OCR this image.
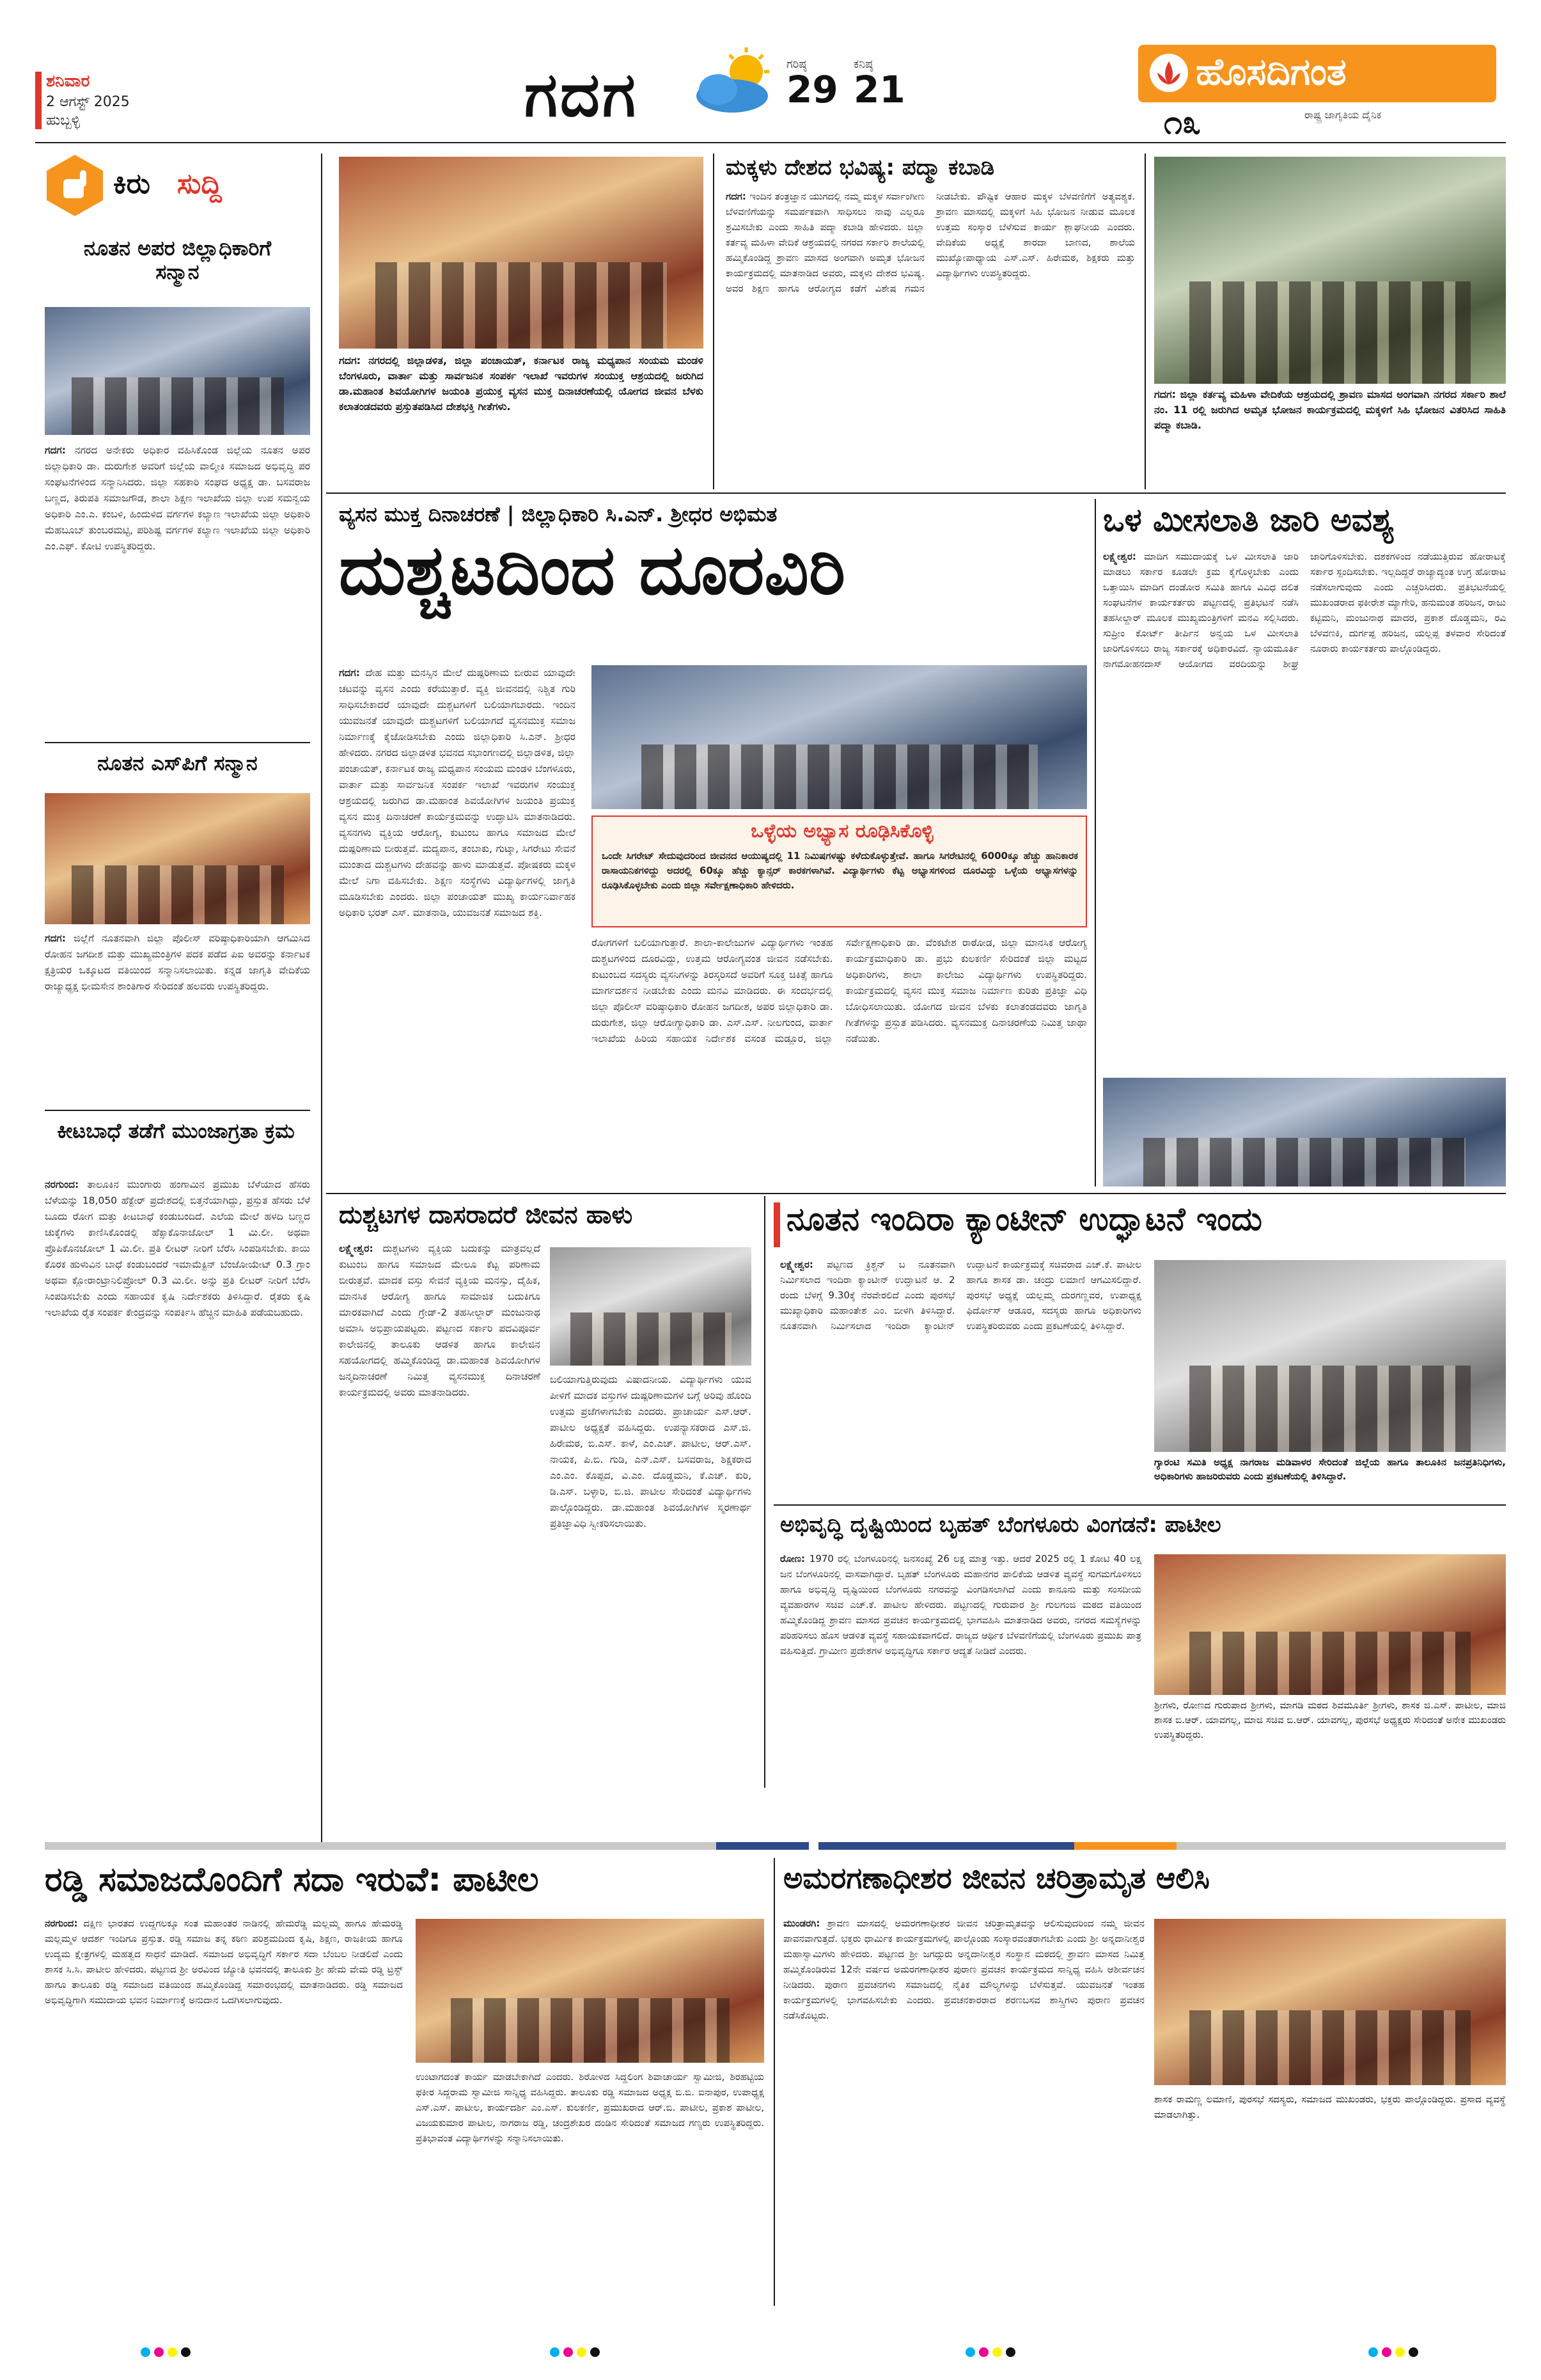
ಶನಿವಾರ
2 ಆಗಸ್ಟ್ 2025
ಹುಬ್ಬಳ್ಳಿ	ಗದಗ	ಗರಿಷ್ಠ
29
ಕನಿಷ್ಠ
21	ಹೊಸದಿಗಂತ
ರಾಷ್ಟ್ರ ಜಾಗೃತಿಯ ದೈನಿಕ
೧೩
ಕಿರು ಸುದ್ದಿ
ನೂತನ ಅಪರ ಜಿಲ್ಲಾಧಿಕಾರಿಗೆ ಸನ್ಮಾನ
ಗದಗ: ನಗರದ ಅನೇಕರು ಅಧಿಕಾರ ವಹಿಸಿಕೊಂಡ ಜಿಲ್ಲೆಯ ನೂತನ ಅಪರ ಜಿಲ್ಲಾಧಿಕಾರಿ ಡಾ. ದುರುಗೇಶ ಅವರಿಗೆ ಜಿಲ್ಲೆಯ ವಾಲ್ಮೀಕಿ ಸಮಾಜದ ಅಭಿವೃದ್ಧಿ ಪರ ಸಂಘಟನೆಗಳಿಂದ ಸನ್ಮಾನಿಸಿದರು. ಜಿಲ್ಲಾ ಸಹಕಾರಿ ಸಂಘದ ಅಧ್ಯಕ್ಷ ಡಾ. ಬಸವರಾಜ ಬಣ್ಣದ, ತಿರುಪತಿ ಸಮಾಜಗೌಡ, ಶಾಲಾ ಶಿಕ್ಷಣ ಇಲಾಖೆಯ ಜಿಲ್ಲಾ ಉಪ ಸಮನ್ವಯ ಅಧಿಕಾರಿ ಎಂ.ಎ. ಕಂಬಳಿ, ಹಿಂದುಳಿದ ವರ್ಗಗಳ ಕಲ್ಯಾಣ ಇಲಾಖೆಯ ಜಿಲ್ಲಾ ಅಧಿಕಾರಿ ಮೆಹಬೂಬ್ ತುಂಬರಮಟ್ಟಿ, ಪರಿಶಿಷ್ಟ ವರ್ಗಗಳ ಕಲ್ಯಾಣ ಇಲಾಖೆಯ ಜಿಲ್ಲಾ ಅಧಿಕಾರಿ ಎಂ.ಎಫ್. ಕೋಟಿ ಉಪಸ್ಥಿತರಿದ್ದರು.
ನೂತನ ಎಸ್‌ಪಿಗೆ ಸನ್ಮಾನ
ಗದಗ: ಜಿಲ್ಲೆಗೆ ನೂತನವಾಗಿ ಜಿಲ್ಲಾ ಪೊಲೀಸ್ ವರಿಷ್ಠಾಧಿಕಾರಿಯಾಗಿ ಆಗಮಿಸಿದ ರೋಹನ ಜಗದೀಶ ಮತ್ತು ಮುಖ್ಯಮಂತ್ರಿಗಳ ಪದಕ ಪಡೆದ ಪಿಐ ಅವರನ್ನು ಕರ್ನಾಟಕ ಕ್ಷತ್ರಿಯರ ಒಕ್ಕೂಟದ ವತಿಯಿಂದ ಸನ್ಮಾನಿಸಲಾಯಿತು. ಕನ್ನಡ ಜಾಗೃತಿ ವೇದಿಕೆಯ ರಾಜ್ಯಾಧ್ಯಕ್ಷ ಭೀಮಸೇನ ಶಾಂತಿಗಾರ ಸೇರಿದಂತೆ ಹಲವರು ಉಪಸ್ಥಿತರಿದ್ದರು.
ಕೀಟಬಾಧೆ ತಡೆಗೆ ಮುಂಜಾಗ್ರತಾ ಕ್ರಮ
ನರಗುಂದ: ತಾಲೂಕಿನ ಮುಂಗಾರು ಹಂಗಾಮಿನ ಪ್ರಮುಖ ಬೆಳೆಯಾದ ಹೆಸರು ಬೆಳೆಯನ್ನು 18,050 ಹೆಕ್ಟೇರ್ ಪ್ರದೇಶದಲ್ಲಿ ಬಿತ್ತನೆಯಾಗಿದ್ದು, ಪ್ರಸ್ತುತ ಹೆಸರು ಬೆಳೆ ಬೂದು ರೋಗ ಮತ್ತು ಕೀಟಬಾಧೆ ಕಂಡುಬಂದಿದೆ. ಎಲೆಯ ಮೇಲೆ ಹಳದಿ ಬಣ್ಣದ ಚುಕ್ಕೆಗಳು ಕಾಣಿಸಿಕೊಂಡಲ್ಲಿ ಹೆಕ್ಸಾಕೊನಾಜೋಲ್ 1 ಮಿ.ಲೀ. ಅಥವಾ ಪ್ರೊಪಿಕೊನಜೋಲ್ 1 ಮಿ.ಲೀ. ಪ್ರತಿ ಲೀಟರ್ ನೀರಿಗೆ ಬೆರೆಸಿ ಸಿಂಪಡಿಸಬೇಕು. ಕಾಯಿ ಕೊರಕ ಹುಳುವಿನ ಬಾಧೆ ಕಂಡುಬಂದರೆ ಇಮಾಮೆಕ್ಟಿನ್ ಬೆಂಜೋಯೇಟ್ 0.3 ಗ್ರಾಂ ಅಥವಾ ಕ್ಲೋರಾಂಟ್ರಾನಿಲಿಪ್ರೋಲ್ 0.3 ಮಿ.ಲೀ. ಅನ್ನು ಪ್ರತಿ ಲೀಟರ್ ನೀರಿಗೆ ಬೆರೆಸಿ ಸಿಂಪಡಿಸಬೇಕು ಎಂದು ಸಹಾಯಕ ಕೃಷಿ ನಿರ್ದೇಶಕರು ತಿಳಿಸಿದ್ದಾರೆ. ರೈತರು ಕೃಷಿ ಇಲಾಖೆಯ ರೈತ ಸಂಪರ್ಕ ಕೇಂದ್ರವನ್ನು ಸಂಪರ್ಕಿಸಿ ಹೆಚ್ಚಿನ ಮಾಹಿತಿ ಪಡೆಯಬಹುದು.
ಗದಗ: ನಗರದಲ್ಲಿ ಜಿಲ್ಲಾಡಳಿತ, ಜಿಲ್ಲಾ ಪಂಚಾಯತ್, ಕರ್ನಾಟಕ ರಾಜ್ಯ ಮಧ್ಯಪಾನ ಸಂಯಮ ಮಂಡಳಿ ಬೆಂಗಳೂರು, ವಾರ್ತಾ ಮತ್ತು ಸಾರ್ವಜನಿಕ ಸಂಪರ್ಕ ಇಲಾಖೆ ಇವರುಗಳ ಸಂಯುಕ್ತ ಆಶ್ರಯದಲ್ಲಿ ಜರುಗಿದ ಡಾ.ಮಹಾಂತ ಶಿವಯೋಗಿಗಳ ಜಯಂತಿ ಪ್ರಯುಕ್ತ ವ್ಯಸನ ಮುಕ್ತ ದಿನಾಚರಣೆಯಲ್ಲಿ ಯೋಗದ ಜೀವನ ಬೆಳಕು ಕಲಾತಂಡದವರು ಪ್ರಸ್ತುತಪಡಿಸಿದ ದೇಶಭಕ್ತಿ ಗೀತೆಗಳು.
ಮಕ್ಕಳು ದೇಶದ ಭವಿಷ್ಯ: ಪದ್ಮಾ ಕಬಾಡಿ
ಗದಗ: ಇಂದಿನ ತಂತ್ರಜ್ಞಾನ ಯುಗದಲ್ಲಿ ನಮ್ಮ ಮಕ್ಕಳ ಸರ್ವಾಂಗೀಣ ಬೆಳವಣಿಗೆಯನ್ನು ಸಮರ್ಪಕವಾಗಿ ಸಾಧಿಸಲು ನಾವು ಎಲ್ಲರೂ ಶ್ರಮಿಸಬೇಕು ಎಂದು ಸಾಹಿತಿ ಪದ್ಮಾ ಕಬಾಡಿ ಹೇಳಿದರು. ಜಿಲ್ಲಾ ಕರ್ತವ್ಯ ಮಹಿಳಾ ವೇದಿಕೆ ಆಶ್ರಯದಲ್ಲಿ ನಗರದ ಸರ್ಕಾರಿ ಶಾಲೆಯಲ್ಲಿ ಹಮ್ಮಿಕೊಂಡಿದ್ದ ಶ್ರಾವಣ ಮಾಸದ ಅಂಗವಾಗಿ ಅಮೃತ ಭೋಜನ ಕಾರ್ಯಕ್ರಮದಲ್ಲಿ ಮಾತನಾಡಿದ ಅವರು, ಮಕ್ಕಳು ದೇಶದ ಭವಿಷ್ಯ. ಅವರ ಶಿಕ್ಷಣ ಹಾಗೂ ಆರೋಗ್ಯದ ಕಡೆಗೆ ವಿಶೇಷ ಗಮನ ನೀಡಬೇಕು. ಪೌಷ್ಟಿಕ ಆಹಾರ ಮಕ್ಕಳ ಬೆಳವಣಿಗೆಗೆ ಅತ್ಯವಶ್ಯಕ. ಶ್ರಾವಣ ಮಾಸದಲ್ಲಿ ಮಕ್ಕಳಿಗೆ ಸಿಹಿ ಭೋಜನ ನೀಡುವ ಮೂಲಕ ಉತ್ತಮ ಸಂಸ್ಕಾರ ಬೆಳೆಸುವ ಕಾರ್ಯ ಶ್ಲಾಘನೀಯ ಎಂದರು. ವೇದಿಕೆಯ ಅಧ್ಯಕ್ಷೆ ಶಾರದಾ ಬಾಣದ, ಶಾಲೆಯ ಮುಖ್ಯೋಪಾಧ್ಯಾಯ ಎಸ್.ಎಸ್. ಹಿರೇಮಠ, ಶಿಕ್ಷಕರು ಮತ್ತು ವಿದ್ಯಾರ್ಥಿಗಳು ಉಪಸ್ಥಿತರಿದ್ದರು.
ಗದಗ: ಜಿಲ್ಲಾ ಕರ್ತವ್ಯ ಮಹಿಳಾ ವೇದಿಕೆಯ ಆಶ್ರಯದಲ್ಲಿ ಶ್ರಾವಣ ಮಾಸದ ಅಂಗವಾಗಿ ನಗರದ ಸರ್ಕಾರಿ ಶಾಲೆ ನಂ. 11 ರಲ್ಲಿ ಜರುಗಿದ ಅಮೃತ ಭೋಜನ ಕಾರ್ಯಕ್ರಮದಲ್ಲಿ ಮಕ್ಕಳಿಗೆ ಸಿಹಿ ಭೋಜನ ವಿತರಿಸಿದ ಸಾಹಿತಿ ಪದ್ಮಾ ಕಬಾಡಿ.
ವ್ಯಸನ ಮುಕ್ತ ದಿನಾಚರಣೆ | ಜಿಲ್ಲಾಧಿಕಾರಿ ಸಿ.ಎನ್. ಶ್ರೀಧರ ಅಭಿಮತ
ದುಶ್ಚಟದಿಂದ ದೂರವಿರಿ
ಗದಗ: ದೇಹ ಮತ್ತು ಮನಸ್ಸಿನ ಮೇಲೆ ದುಷ್ಪರಿಣಾಮ ಬೀರುವ ಯಾವುದೇ ಚಟವನ್ನು ವ್ಯಸನ ಎಂದು ಕರೆಯುತ್ತಾರೆ. ವ್ಯಕ್ತಿ ಜೀವನದಲ್ಲಿ ನಿಶ್ಚಿತ ಗುರಿ ಸಾಧಿಸಬೇಕಾದರೆ ಯಾವುದೇ ದುಶ್ಚಟಗಳಿಗೆ ಬಲಿಯಾಗಬಾರದು. ಇಂದಿನ ಯುವಜನತೆ ಯಾವುದೇ ದುಶ್ಚಟಗಳಿಗೆ ಬಲಿಯಾಗದೆ ವ್ಯಸನಮುಕ್ತ ಸಮಾಜ ನಿರ್ಮಾಣಕ್ಕೆ ಕೈಜೋಡಿಸಬೇಕು ಎಂದು ಜಿಲ್ಲಾಧಿಕಾರಿ ಸಿ.ಎನ್. ಶ್ರೀಧರ ಹೇಳಿದರು. ನಗರದ ಜಿಲ್ಲಾಡಳಿತ ಭವನದ ಸಭಾಂಗಣದಲ್ಲಿ ಜಿಲ್ಲಾಡಳಿತ, ಜಿಲ್ಲಾ ಪಂಚಾಯತ್, ಕರ್ನಾಟಕ ರಾಜ್ಯ ಮಧ್ಯಪಾನ ಸಂಯಮ ಮಂಡಳಿ ಬೆಂಗಳೂರು, ವಾರ್ತಾ ಮತ್ತು ಸಾರ್ವಜನಿಕ ಸಂಪರ್ಕ ಇಲಾಖೆ ಇವರುಗಳ ಸಂಯುಕ್ತ ಆಶ್ರಯದಲ್ಲಿ ಜರುಗಿದ ಡಾ.ಮಹಾಂತ ಶಿವಯೋಗಿಗಳ ಜಯಂತಿ ಪ್ರಯುಕ್ತ ವ್ಯಸನ ಮುಕ್ತ ದಿನಾಚರಣೆ ಕಾರ್ಯಕ್ರಮವನ್ನು ಉದ್ಘಾಟಿಸಿ ಮಾತನಾಡಿದರು. ವ್ಯಸನಗಳು ವ್ಯಕ್ತಿಯ ಆರೋಗ್ಯ, ಕುಟುಂಬ ಹಾಗೂ ಸಮಾಜದ ಮೇಲೆ ದುಷ್ಪರಿಣಾಮ ಬೀರುತ್ತವೆ. ಮದ್ಯಪಾನ, ತಂಬಾಕು, ಗುಟ್ಕಾ, ಸಿಗರೇಟು ಸೇವನೆ ಮುಂತಾದ ದುಶ್ಚಟಗಳು ದೇಹವನ್ನು ಹಾಳು ಮಾಡುತ್ತವೆ. ಪೋಷಕರು ಮಕ್ಕಳ ಮೇಲೆ ನಿಗಾ ವಹಿಸಬೇಕು. ಶಿಕ್ಷಣ ಸಂಸ್ಥೆಗಳು ವಿದ್ಯಾರ್ಥಿಗಳಲ್ಲಿ ಜಾಗೃತಿ ಮೂಡಿಸಬೇಕು ಎಂದರು. ಜಿಲ್ಲಾ ಪಂಚಾಯತ್ ಮುಖ್ಯ ಕಾರ್ಯನಿರ್ವಾಹಕ ಅಧಿಕಾರಿ ಭರತ್ ಎಸ್. ಮಾತನಾಡಿ, ಯುವಜನತೆ ಸಮಾಜದ ಶಕ್ತಿ.
ಒಳ್ಳೆಯ ಅಭ್ಯಾಸ ರೂಢಿಸಿಕೊಳ್ಳಿ
ಒಂದೇ ಸಿಗರೇಟ್ ಸೇದುವುದರಿಂದ ಜೀವನದ ಆಯುಷ್ಯದಲ್ಲಿ 11 ನಿಮಿಷಗಳಷ್ಟು ಕಳೆದುಕೊಳ್ಳುತ್ತೇವೆ. ಹಾಗೂ ಸಿಗರೇಟಿನಲ್ಲಿ 6000ಕ್ಕೂ ಹೆಚ್ಚು ಹಾನಿಕಾರಕ ರಾಸಾಯನಿಕಗಳಿದ್ದು ಅದರಲ್ಲಿ 60ಕ್ಕೂ ಹೆಚ್ಚು ಕ್ಯಾನ್ಸರ್ ಕಾರಕಗಳಾಗಿವೆ. ವಿದ್ಯಾರ್ಥಿಗಳು ಕೆಟ್ಟ ಅಭ್ಯಾಸಗಳಿಂದ ದೂರವಿದ್ದು ಒಳ್ಳೆಯ ಅಭ್ಯಾಸಗಳನ್ನು ರೂಢಿಸಿಕೊಳ್ಳಬೇಕು ಎಂದು ಜಿಲ್ಲಾ ಸರ್ವೇಕ್ಷಣಾಧಿಕಾರಿ ಹೇಳಿದರು.
ರೋಗಗಳಿಗೆ ಬಲಿಯಾಗುತ್ತಾರೆ. ಶಾಲಾ-ಕಾಲೇಜುಗಳ ವಿದ್ಯಾರ್ಥಿಗಳು ಇಂತಹ ದುಶ್ಚಟಗಳಿಂದ ದೂರವಿದ್ದು, ಉತ್ತಮ ಆರೋಗ್ಯವಂತ ಜೀವನ ನಡೆಸಬೇಕು. ಕುಟುಂಬದ ಸದಸ್ಯರು ವ್ಯಸನಿಗಳನ್ನು ತಿರಸ್ಕರಿಸದೆ ಅವರಿಗೆ ಸೂಕ್ತ ಚಿಕಿತ್ಸೆ ಹಾಗೂ ಮಾರ್ಗದರ್ಶನ ನೀಡಬೇಕು ಎಂದು ಮನವಿ ಮಾಡಿದರು. ಈ ಸಂದರ್ಭದಲ್ಲಿ ಜಿಲ್ಲಾ ಪೊಲೀಸ್ ವರಿಷ್ಠಾಧಿಕಾರಿ ರೋಹನ ಜಗದೀಶ, ಅಪರ ಜಿಲ್ಲಾಧಿಕಾರಿ ಡಾ. ದುರುಗೇಶ, ಜಿಲ್ಲಾ ಆರೋಗ್ಯಾಧಿಕಾರಿ ಡಾ. ಎಸ್.ಎಸ್. ನೀಲಗುಂದ, ವಾರ್ತಾ ಇಲಾಖೆಯ ಹಿರಿಯ ಸಹಾಯಕ ನಿರ್ದೇಶಕ ವಸಂತ ಮಡ್ಲೂರ, ಜಿಲ್ಲಾ ಸರ್ವೇಕ್ಷಣಾಧಿಕಾರಿ ಡಾ. ವೆಂಕಟೇಶ ರಾಠೋಡ, ಜಿಲ್ಲಾ ಮಾನಸಿಕ ಆರೋಗ್ಯ ಕಾರ್ಯಕ್ರಮಾಧಿಕಾರಿ ಡಾ. ಪ್ರಭು ಕುಲಕರ್ಣಿ ಸೇರಿದಂತೆ ಜಿಲ್ಲಾ ಮಟ್ಟದ ಅಧಿಕಾರಿಗಳು, ಶಾಲಾ ಕಾಲೇಜು ವಿದ್ಯಾರ್ಥಿಗಳು ಉಪಸ್ಥಿತರಿದ್ದರು. ಕಾರ್ಯಕ್ರಮದಲ್ಲಿ ವ್ಯಸನ ಮುಕ್ತ ಸಮಾಜ ನಿರ್ಮಾಣ ಕುರಿತು ಪ್ರತಿಜ್ಞಾ ವಿಧಿ ಬೋಧಿಸಲಾಯಿತು. ಯೋಗದ ಜೀವನ ಬೆಳಕು ಕಲಾತಂಡದವರು ಜಾಗೃತಿ ಗೀತೆಗಳನ್ನು ಪ್ರಸ್ತುತ ಪಡಿಸಿದರು. ವ್ಯಸನಮುಕ್ತ ದಿನಾಚರಣೆಯ ನಿಮಿತ್ತ ಜಾಥಾ ನಡೆಯಿತು.
ಒಳ ಮೀಸಲಾತಿ ಜಾರಿ ಅವಶ್ಯ
ಲಕ್ಷ್ಮೇಶ್ವರ: ಮಾದಿಗ ಸಮುದಾಯಕ್ಕೆ ಒಳ ಮೀಸಲಾತಿ ಜಾರಿ ಮಾಡಲು ಸರ್ಕಾರ ಕೂಡಲೇ ಕ್ರಮ ಕೈಗೊಳ್ಳಬೇಕು ಎಂದು ಒತ್ತಾಯಿಸಿ ಮಾದಿಗ ದಂಡೋರ ಸಮಿತಿ ಹಾಗೂ ವಿವಿಧ ದಲಿತ ಸಂಘಟನೆಗಳ ಕಾರ್ಯಕರ್ತರು ಪಟ್ಟಣದಲ್ಲಿ ಪ್ರತಿಭಟನೆ ನಡೆಸಿ ತಹಸೀಲ್ದಾರ್ ಮೂಲಕ ಮುಖ್ಯಮಂತ್ರಿಗಳಿಗೆ ಮನವಿ ಸಲ್ಲಿಸಿದರು. ಸುಪ್ರೀಂ ಕೋರ್ಟ್ ತೀರ್ಪಿನ ಅನ್ವಯ ಒಳ ಮೀಸಲಾತಿ ಜಾರಿಗೊಳಿಸಲು ರಾಜ್ಯ ಸರ್ಕಾರಕ್ಕೆ ಅಧಿಕಾರವಿದೆ. ನ್ಯಾಯಮೂರ್ತಿ ನಾಗಮೋಹನದಾಸ್ ಆಯೋಗದ ವರದಿಯನ್ನು ಶೀಘ್ರ ಜಾರಿಗೊಳಿಸಬೇಕು. ದಶಕಗಳಿಂದ ನಡೆಯುತ್ತಿರುವ ಹೋರಾಟಕ್ಕೆ ಸರ್ಕಾರ ಸ್ಪಂದಿಸಬೇಕು. ಇಲ್ಲದಿದ್ದರೆ ರಾಜ್ಯಾದ್ಯಂತ ಉಗ್ರ ಹೋರಾಟ ನಡೆಸಲಾಗುವುದು ಎಂದು ಎಚ್ಚರಿಸಿದರು. ಪ್ರತಿಭಟನೆಯಲ್ಲಿ ಮುಖಂಡರಾದ ಫಕೀರೇಶ ಮ್ಯಾಗೇರಿ, ಹನುಮಂತ ಹರಿಜನ, ರಾಜು ಕಟ್ಟಿಮನಿ, ಮಂಜುನಾಥ ಮಾದರ, ಪ್ರಕಾಶ ದೊಡ್ಡಮನಿ, ರವಿ ಬೆಳವಣಕಿ, ದುರ್ಗಪ್ಪ ಹರಿಜನ, ಯಲ್ಲಪ್ಪ ತಳವಾರ ಸೇರಿದಂತೆ ನೂರಾರು ಕಾರ್ಯಕರ್ತರು ಪಾಲ್ಗೊಂಡಿದ್ದರು.
ದುಶ್ಚಟಗಳ ದಾಸರಾದರೆ ಜೀವನ ಹಾಳು
ಲಕ್ಷ್ಮೇಶ್ವರ: ದುಶ್ಚಟಗಳು ವ್ಯಕ್ತಿಯ ಬದುಕನ್ನು ಮಾತ್ರವಲ್ಲದೆ ಕುಟುಂಬ ಹಾಗೂ ಸಮಾಜದ ಮೇಲೂ ಕೆಟ್ಟ ಪರಿಣಾಮ ಬೀರುತ್ತವೆ. ಮಾದಕ ವಸ್ತು ಸೇವನೆ ವ್ಯಕ್ತಿಯ ಮನಸ್ಸು, ದೈಹಿಕ, ಮಾನಸಿಕ ಆರೋಗ್ಯ ಹಾಗೂ ಸಾಮಾಜಿಕ ಬದುಕಿಗೂ ಮಾರಕವಾಗಿದೆ ಎಂದು ಗ್ರೇಡ್-2 ತಹಸೀಲ್ದಾರ್ ಮಂಜುನಾಥ ಅಮಾಸಿ ಅಭಿಪ್ರಾಯಪಟ್ಟರು. ಪಟ್ಟಣದ ಸರ್ಕಾರಿ ಪದವಿಪೂರ್ವ ಕಾಲೇಜಿನಲ್ಲಿ ತಾಲೂಕು ಆಡಳಿತ ಹಾಗೂ ಕಾಲೇಜಿನ ಸಹಯೋಗದಲ್ಲಿ ಹಮ್ಮಿಕೊಂಡಿದ್ದ ಡಾ.ಮಹಾಂತ ಶಿವಯೋಗಿಗಳ ಜನ್ಮದಿನಾಚರಣೆ ನಿಮಿತ್ತ ವ್ಯಸನಮುಕ್ತ ದಿನಾಚರಣೆ ಕಾರ್ಯಕ್ರಮದಲ್ಲಿ ಅವರು ಮಾತನಾಡಿದರು.
ಬಲಿಯಾಗುತ್ತಿರುವುದು ವಿಷಾದನೀಯ. ವಿದ್ಯಾರ್ಥಿಗಳು ಯುವ ಪೀಳಿಗೆ ಮಾದಕ ವಸ್ತುಗಳ ದುಷ್ಪರಿಣಾಮಗಳ ಬಗ್ಗೆ ಅರಿವು ಹೊಂದಿ ಉತ್ತಮ ಪ್ರಜೆಗಳಾಗಬೇಕು ಎಂದರು. ಪ್ರಾಚಾರ್ಯ ಎಸ್.ಆರ್. ಪಾಟೀಲ ಅಧ್ಯಕ್ಷತೆ ವಹಿಸಿದ್ದರು. ಉಪನ್ಯಾಸಕರಾದ ಎಸ್.ಜಿ. ಹಿರೇಮಠ, ಬಿ.ಎಸ್. ಕಾಳೆ, ಎಂ.ಎಚ್. ಪಾಟೀಲ, ಆರ್.ಎಸ್. ನಾಯಕ, ಪಿ.ಬಿ. ಗುಡಿ, ಎನ್.ಎಸ್. ಬಸವರಾಜ, ಶಿಕ್ಷಕರಾದ ಎಂ.ಎಂ. ಕೊಪ್ಪದ, ವಿ.ಎಂ. ದೊಡ್ಡಮನಿ, ಕೆ.ಎಚ್. ಕುರಿ, ಡಿ.ಎಸ್. ಬಳ್ಳಾರಿ, ಬಿ.ಜಿ. ಪಾಟೀಲ ಸೇರಿದಂತೆ ವಿದ್ಯಾರ್ಥಿಗಳು ಪಾಲ್ಗೊಂಡಿದ್ದರು. ಡಾ.ಮಹಾಂತ ಶಿವಯೋಗಿಗಳ ಸ್ಮರಣಾರ್ಥ ಪ್ರತಿಜ್ಞಾವಿಧಿ ಸ್ವೀಕರಿಸಲಾಯಿತು.
ನೂತನ ಇಂದಿರಾ ಕ್ಯಾಂಟೀನ್ ಉದ್ಘಾಟನೆ ಇಂದು
ಲಕ್ಷ್ಮೇಶ್ವರ: ಪಟ್ಟಣದ ಕ್ರಿಶ್ಚನ್ ಬ ನೂತನವಾಗಿ ನಿರ್ಮಿಸಲಾದ ಇಂದಿರಾ ಕ್ಯಾಂಟೀನ್ ಉದ್ಘಾಟನೆ ಆ. 2 ರಂದು ಬೆಳಗ್ಗೆ 9.30ಕ್ಕೆ ನೆರವೇರಲಿದೆ ಎಂದು ಪುರಸಭೆ ಮುಖ್ಯಾಧಿಕಾರಿ ಮಹಾಂತೇಶ ಎಂ. ಬೀಳಗಿ ತಿಳಿಸಿದ್ದಾರೆ. ನೂತನವಾಗಿ ನಿರ್ಮಿಸಲಾದ ಇಂದಿರಾ ಕ್ಯಾಂಟೀನ್ ಉದ್ಘಾಟನೆ ಕಾರ್ಯಕ್ರಮಕ್ಕೆ ಸಚಿವರಾದ ಎಚ್.ಕೆ. ಪಾಟೀಲ ಹಾಗೂ ಶಾಸಕ ಡಾ. ಚಂದ್ರು ಲಮಾಣಿ ಆಗಮಿಸಲಿದ್ದಾರೆ. ಪುರಸಭೆ ಅಧ್ಯಕ್ಷೆ ಯಲ್ಲಮ್ಮ ದುರಗಣ್ಣವರ, ಉಪಾಧ್ಯಕ್ಷ ಫಿರ್ದೋಸ್ ಆಡೂರ, ಸದಸ್ಯರು ಹಾಗೂ ಅಧಿಕಾರಿಗಳು ಉಪಸ್ಥಿತರಿರುವರು ಎಂದು ಪ್ರಕಟಣೆಯಲ್ಲಿ ತಿಳಿಸಿದ್ದಾರೆ.
ಗ್ಯಾರಂಟಿ ಸಮಿತಿ ಅಧ್ಯಕ್ಷ ನಾಗರಾಜ ಮಡಿವಾಳರ ಸೇರಿದಂತೆ ಜಿಲ್ಲೆಯ ಹಾಗೂ ತಾಲೂಕಿನ ಜನಪ್ರತಿನಿಧಿಗಳು, ಅಧಿಕಾರಿಗಳು ಹಾಜರಿರುವರು ಎಂದು ಪ್ರಕಟಣೆಯಲ್ಲಿ ತಿಳಿಸಿದ್ದಾರೆ.
ಅಭಿವೃದ್ಧಿ ದೃಷ್ಟಿಯಿಂದ ಬೃಹತ್ ಬೆಂಗಳೂರು ವಿಂಗಡನೆ: ಪಾಟೀಲ
ರೋಣ: 1970 ರಲ್ಲಿ ಬೆಂಗಳೂರಿನಲ್ಲಿ ಜನಸಂಖ್ಯೆ 26 ಲಕ್ಷ ಮಾತ್ರ ಇತ್ತು. ಆದರೆ 2025 ರಲ್ಲಿ 1 ಕೋಟಿ 40 ಲಕ್ಷ ಜನ ಬೆಂಗಳೂರಿನಲ್ಲಿ ವಾಸವಾಗಿದ್ದಾರೆ. ಬೃಹತ್ ಬೆಂಗಳೂರು ಮಹಾನಗರ ಪಾಲಿಕೆಯ ಆಡಳಿತ ವ್ಯವಸ್ಥೆ ಸುಗಮಗೊಳಿಸಲು ಹಾಗೂ ಅಭಿವೃದ್ಧಿ ದೃಷ್ಟಿಯಿಂದ ಬೆಂಗಳೂರು ನಗರವನ್ನು ವಿಂಗಡಿಸಲಾಗಿದೆ ಎಂದು ಕಾನೂನು ಮತ್ತು ಸಂಸದೀಯ ವ್ಯವಹಾರಗಳ ಸಚಿವ ಎಚ್.ಕೆ. ಪಾಟೀಲ ಹೇಳಿದರು. ಪಟ್ಟಣದಲ್ಲಿ ಗುರುವಾರ ಶ್ರೀ ಗುಲಗಂಜಿ ಮಠದ ವತಿಯಿಂದ ಹಮ್ಮಿಕೊಂಡಿದ್ದ ಶ್ರಾವಣ ಮಾಸದ ಪ್ರವಚನ ಕಾರ್ಯಕ್ರಮದಲ್ಲಿ ಭಾಗವಹಿಸಿ ಮಾತನಾಡಿದ ಅವರು, ನಗರದ ಸಮಸ್ಯೆಗಳನ್ನು ಪರಿಹರಿಸಲು ಹೊಸ ಆಡಳಿತ ವ್ಯವಸ್ಥೆ ಸಹಾಯಕವಾಗಲಿದೆ. ರಾಜ್ಯದ ಆರ್ಥಿಕ ಬೆಳವಣಿಗೆಯಲ್ಲಿ ಬೆಂಗಳೂರು ಪ್ರಮುಖ ಪಾತ್ರ ವಹಿಸುತ್ತಿದೆ. ಗ್ರಾಮೀಣ ಪ್ರದೇಶಗಳ ಅಭಿವೃದ್ಧಿಗೂ ಸರ್ಕಾರ ಆದ್ಯತೆ ನೀಡಿದೆ ಎಂದರು.
ಶ್ರೀಗಳು, ರೋಣದ ಗುರುಪಾದ ಶ್ರೀಗಳು, ಮಾಗಡಿ ಮಠದ ಶಿವಮೂರ್ತಿ ಶ್ರೀಗಳು, ಶಾಸಕ ಜಿ.ಎಸ್. ಪಾಟೀಲ, ಮಾಜಿ ಶಾಸಕ ಬಿ.ಆರ್. ಯಾವಗಲ್ಲ, ಮಾಜಿ ಸಚಿವ ಬಿ.ಆರ್. ಯಾವಗಲ್ಲ, ಪುರಸಭೆ ಅಧ್ಯಕ್ಷರು ಸೇರಿದಂತೆ ಅನೇಕ ಮುಖಂಡರು ಉಪಸ್ಥಿತರಿದ್ದರು.
ರಡ್ಡಿ ಸಮಾಜದೊಂದಿಗೆ ಸದಾ ಇರುವೆ: ಪಾಟೀಲ
ನರಗುಂದ: ದಕ್ಷಿಣ ಭಾರತದ ಉದ್ದಗಲಕ್ಕೂ ಸಂತ ಮಹಾಂತರ ನಾಡಿನಲ್ಲಿ ಹೇಮರೆಡ್ಡಿ ಮಲ್ಲಮ್ಮ ಹಾಗೂ ಹೇಮರಡ್ಡಿ ಮಲ್ಲಮ್ಮಳ ಆದರ್ಶ ಇಂದಿಗೂ ಪ್ರಸ್ತುತ. ರಡ್ಡಿ ಸಮಾಜ ತನ್ನ ಕಠಿಣ ಪರಿಶ್ರಮದಿಂದ ಕೃಷಿ, ಶಿಕ್ಷಣ, ರಾಜಕೀಯ ಹಾಗೂ ಉದ್ಯಮ ಕ್ಷೇತ್ರಗಳಲ್ಲಿ ಮಹತ್ವದ ಸಾಧನೆ ಮಾಡಿದೆ. ಸಮಾಜದ ಅಭಿವೃದ್ಧಿಗೆ ಸರ್ಕಾರ ಸದಾ ಬೆಂಬಲ ನೀಡಲಿದೆ ಎಂದು ಶಾಸಕ ಸಿ.ಸಿ. ಪಾಟೀಲ ಹೇಳಿದರು. ಪಟ್ಟಣದ ಶ್ರೀ ಅರವಿಂದ ಜ್ಯೋತಿ ಭವನದಲ್ಲಿ ತಾಲೂಕು ಶ್ರೀ ಹೇಮ ವೇಮ ರಡ್ಡಿ ಟ್ರಸ್ಟ್ ಹಾಗೂ ತಾಲೂಕು ರಡ್ಡಿ ಸಮಾಜದ ವತಿಯಿಂದ ಹಮ್ಮಿಕೊಂಡಿದ್ದ ಸಮಾರಂಭದಲ್ಲಿ ಮಾತನಾಡಿದರು. ರಡ್ಡಿ ಸಮಾಜದ ಅಭಿವೃದ್ಧಿಗಾಗಿ ಸಮುದಾಯ ಭವನ ನಿರ್ಮಾಣಕ್ಕೆ ಅನುದಾನ ಒದಗಿಸಲಾಗುವುದು.
ಉಂಟಾಗದಂತೆ ಕಾರ್ಯ ಮಾಡಬೇಕಾಗಿದೆ ಎಂದರು. ಶಿರೋಳದ ಸಿದ್ದಲಿಂಗ ಶಿವಾಚಾರ್ಯ ಸ್ವಾಮೀಜಿ, ಶಿರಹಟ್ಟಿಯ ಫಕೀರ ಸಿದ್ದರಾಮ ಸ್ವಾಮೀಜಿ ಸಾನ್ನಿಧ್ಯ ವಹಿಸಿದ್ದರು. ತಾಲೂಕು ರಡ್ಡಿ ಸಮಾಜದ ಅಧ್ಯಕ್ಷ ಬಿ.ಬಿ. ಐನಾಪುರ, ಉಪಾಧ್ಯಕ್ಷ ಎಸ್.ಎಸ್. ಪಾಟೀಲ, ಕಾರ್ಯದರ್ಶಿ ಎಂ.ಎಸ್. ಕುಲಕರ್ಣಿ, ಪ್ರಮುಖರಾದ ಆರ್.ಬಿ. ಪಾಟೀಲ, ಪ್ರಕಾಶ ಪಾಟೀಲ, ವಿಜಯಕುಮಾರ ಪಾಟೀಲ, ನಾಗರಾಜ ರಡ್ಡಿ, ಚಂದ್ರಶೇಖರ ದಂಡಿನ ಸೇರಿದಂತೆ ಸಮಾಜದ ಗಣ್ಯರು ಉಪಸ್ಥಿತರಿದ್ದರು. ಪ್ರತಿಭಾವಂತ ವಿದ್ಯಾರ್ಥಿಗಳನ್ನು ಸನ್ಮಾನಿಸಲಾಯಿತು.
ಅಮರಗಣಾಧೀಶರ ಜೀವನ ಚರಿತ್ರಾಮೃತ ಆಲಿಸಿ
ಮುಂಡರಗಿ: ಶ್ರಾವಣ ಮಾಸದಲ್ಲಿ ಅಮರಗಣಾಧೀಶರ ಜೀವನ ಚರಿತ್ರಾಮೃತವನ್ನು ಆಲಿಸುವುದರಿಂದ ನಮ್ಮ ಜೀವನ ಪಾವನವಾಗುತ್ತದೆ. ಭಕ್ತರು ಧಾರ್ಮಿಕ ಕಾರ್ಯಕ್ರಮಗಳಲ್ಲಿ ಪಾಲ್ಗೊಂಡು ಸಂಸ್ಕಾರವಂತರಾಗಬೇಕು ಎಂದು ಶ್ರೀ ಅನ್ನದಾನೀಶ್ವರ ಮಹಾಸ್ವಾಮಿಗಳು ಹೇಳಿದರು. ಪಟ್ಟಣದ ಶ್ರೀ ಜಗದ್ಗುರು ಅನ್ನದಾನೀಶ್ವರ ಸಂಸ್ಥಾನ ಮಠದಲ್ಲಿ ಶ್ರಾವಣ ಮಾಸದ ನಿಮಿತ್ತ ಹಮ್ಮಿಕೊಂಡಿರುವ 12ನೇ ವರ್ಷದ ಅಮರಗಣಾಧೀಶರ ಪುರಾಣ ಪ್ರವಚನ ಕಾರ್ಯಕ್ರಮದ ಸಾನ್ನಿಧ್ಯ ವಹಿಸಿ ಆಶೀರ್ವಚನ ನೀಡಿದರು. ಪುರಾಣ ಪ್ರವಚನಗಳು ಸಮಾಜದಲ್ಲಿ ನೈತಿಕ ಮೌಲ್ಯಗಳನ್ನು ಬೆಳೆಸುತ್ತವೆ. ಯುವಜನತೆ ಇಂತಹ ಕಾರ್ಯಕ್ರಮಗಳಲ್ಲಿ ಭಾಗವಹಿಸಬೇಕು ಎಂದರು. ಪ್ರವಚನಕಾರರಾದ ಶರಣಬಸವ ಶಾಸ್ತ್ರಿಗಳು ಪುರಾಣ ಪ್ರವಚನ ನಡೆಸಿಕೊಟ್ಟರು.
ಶಾಸಕ ರಾಮಣ್ಣ ಲಮಾಣಿ, ಪುರಸಭೆ ಸದಸ್ಯರು, ಸಮಾಜದ ಮುಖಂಡರು, ಭಕ್ತರು ಪಾಲ್ಗೊಂಡಿದ್ದರು. ಪ್ರಸಾದ ವ್ಯವಸ್ಥೆ ಮಾಡಲಾಗಿತ್ತು.
